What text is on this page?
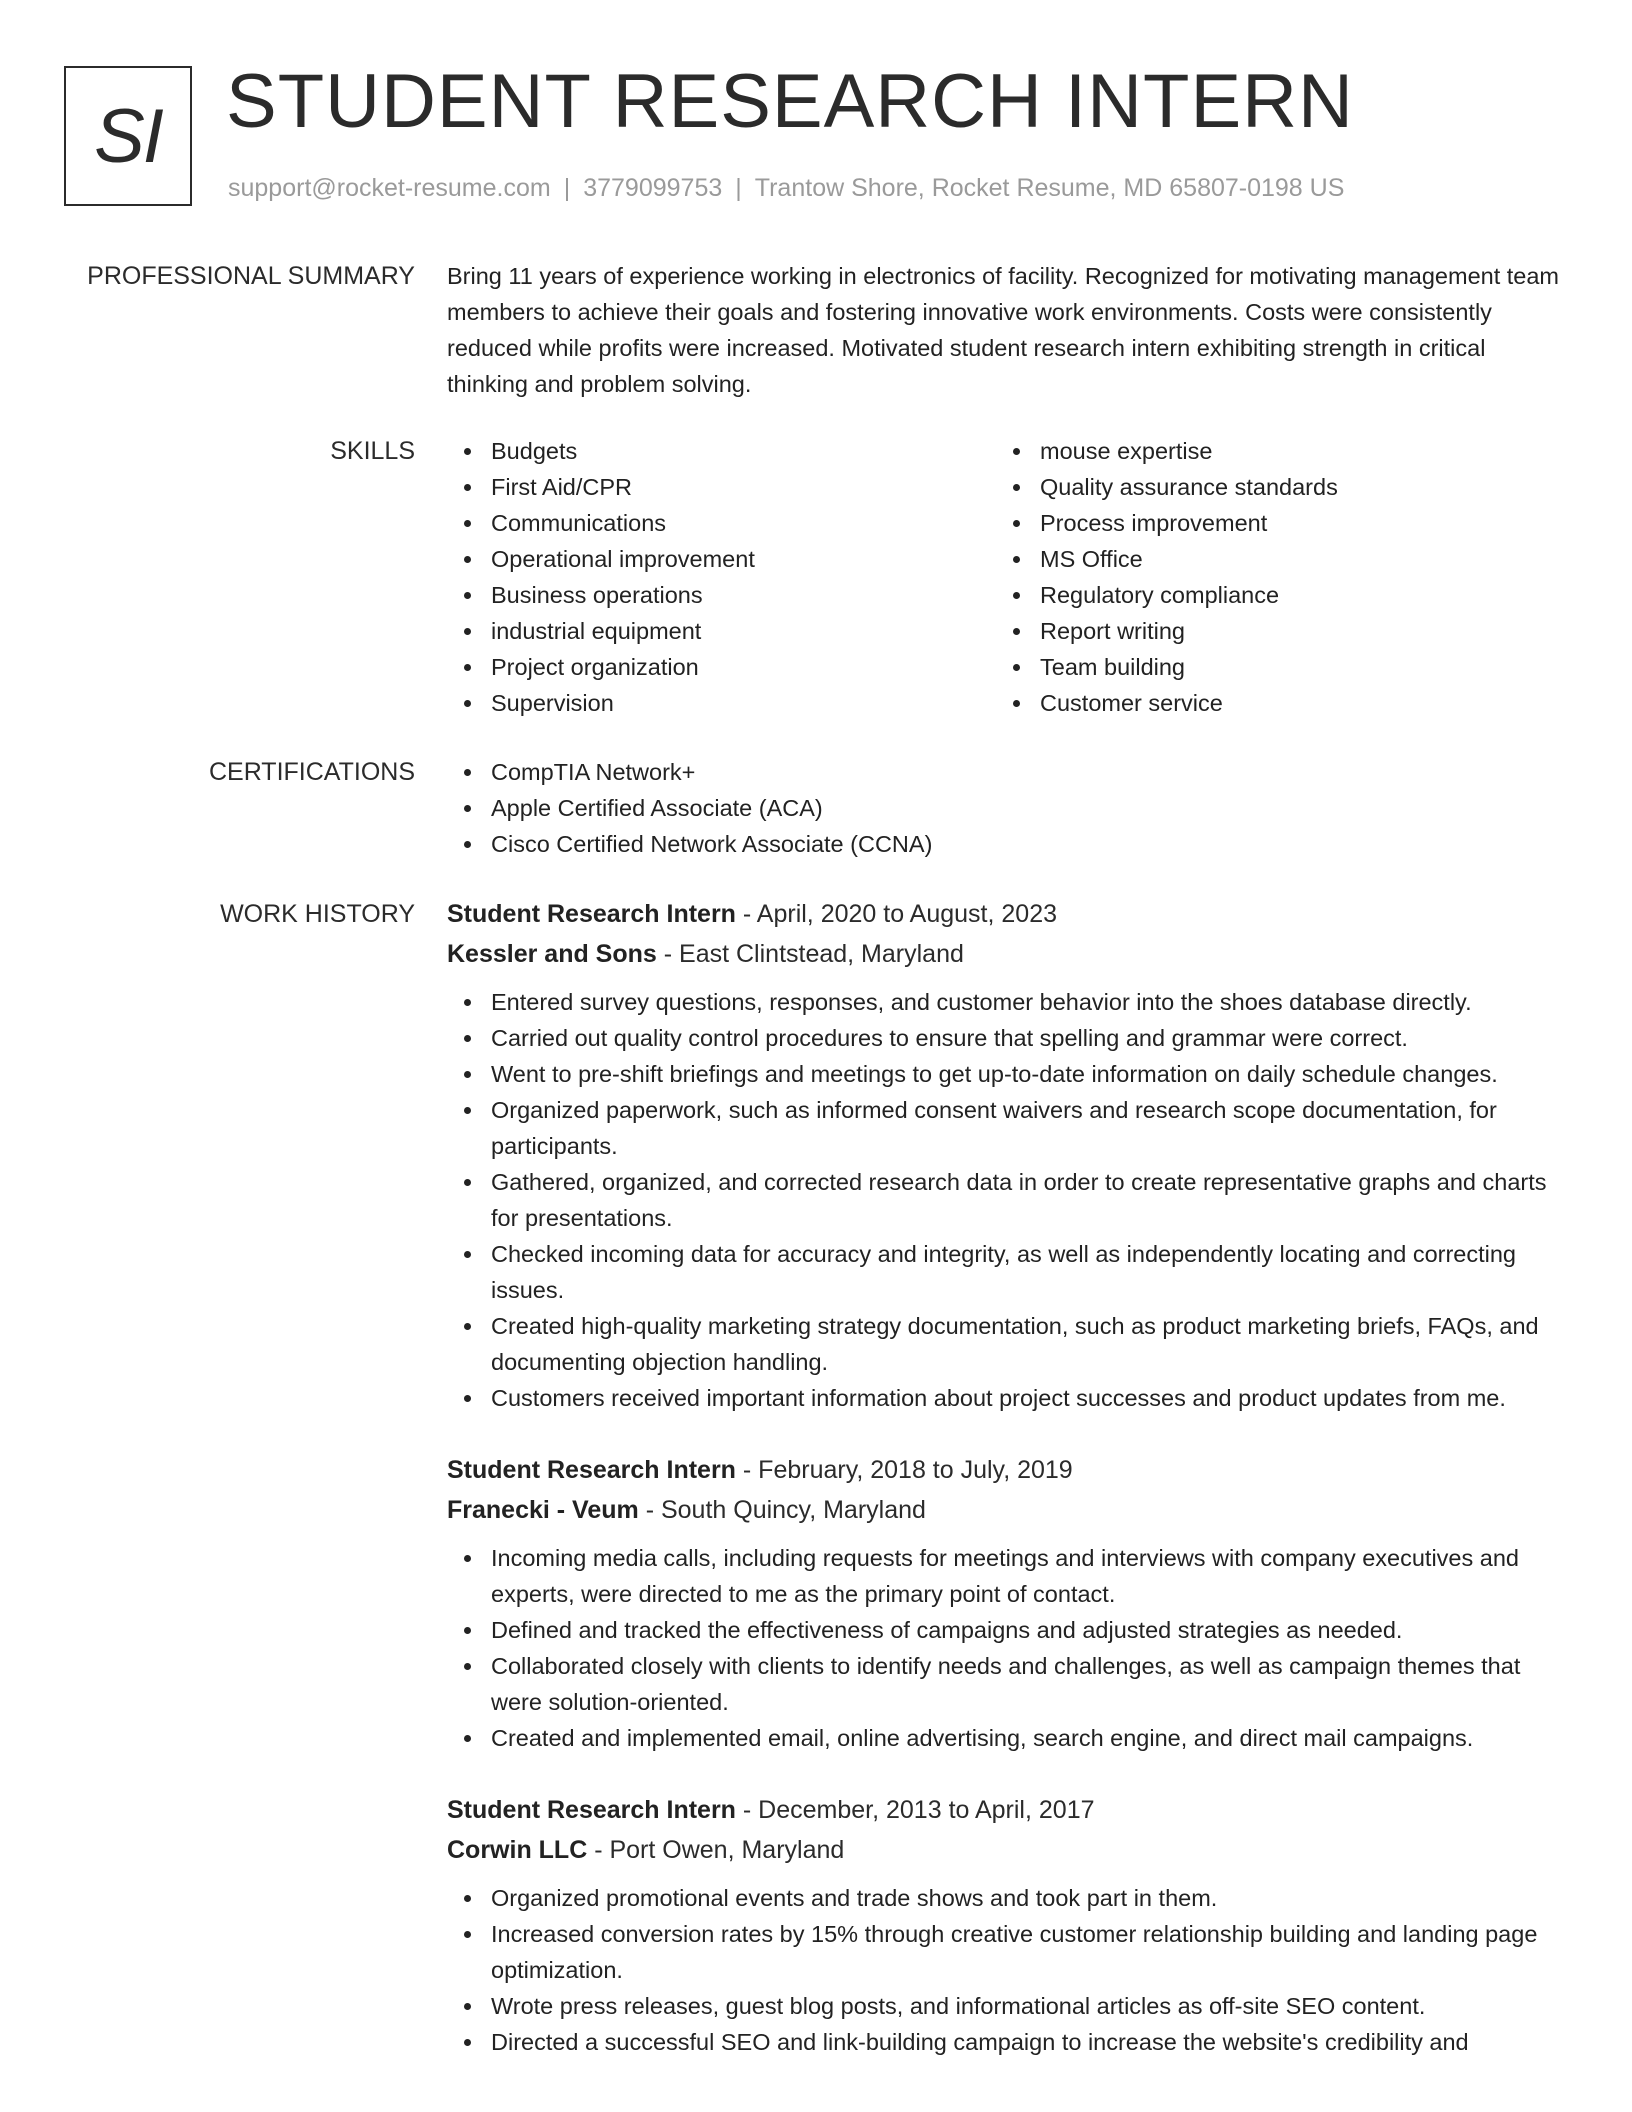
SI STUDENT RESEARCH INTERN
support@rocket-resume.com | 3779099753 | Trantow Shore, Rocket Resume, MD 65807-0198 US
PROFESSIONAL SUMMARY Bring 11 years of experience working in electronics of facility. Recognized for motivating management team members to achieve their goals and fostering innovative work environments. Costs were consistently reduced while profits were increased. Motivated student research intern exhibiting strength in critical thinking and problem solving.

SKILLS	Budgets
First Aid/CPR
Communications
Operational improvement
Business operations
industrial equipment
Project organization
Supervision
mouse expertise
Quality assurance standards
Process improvement
MS Office
Regulatory compliance
Report writing
Team building
Customer service
CERTIFICATIONS	CompTIA Network+
Apple Certified Associate (ACA)
Cisco Certified Network Associate (CCNA)
WORK HISTORY Student Research Intern - April, 2020 to August, 2023
Kessler and Sons - East Clintstead, Maryland
Entered survey questions, responses, and customer behavior into the shoes database directly.
Carried out quality control procedures to ensure that spelling and grammar were correct.
Went to pre-shift briefings and meetings to get up-to-date information on daily schedule changes.
Organized paperwork, such as informed consent waivers and research scope documentation, for participants.
Gathered, organized, and corrected research data in order to create representative graphs and charts for presentations.
Checked incoming data for accuracy and integrity, as well as independently locating and correcting issues.
Created high-quality marketing strategy documentation, such as product marketing briefs, FAQs, and documenting objection handling.
Customers received important information about project successes and product updates from me.
Student Research Intern - February, 2018 to July, 2019
Franecki - Veum - South Quincy, Maryland
Incoming media calls, including requests for meetings and interviews with company executives and experts, were directed to me as the primary point of contact.
Defined and tracked the effectiveness of campaigns and adjusted strategies as needed.
Collaborated closely with clients to identify needs and challenges, as well as campaign themes that were solution-oriented.
Created and implemented email, online advertising, search engine, and direct mail campaigns.
Student Research Intern - December, 2013 to April, 2017
Corwin LLC - Port Owen, Maryland
Organized promotional events and trade shows and took part in them.
Increased conversion rates by 15% through creative customer relationship building and landing page optimization.
Wrote press releases, guest blog posts, and informational articles as off-site SEO content.
Directed a successful SEO and link-building campaign to increase the website's credibility and
